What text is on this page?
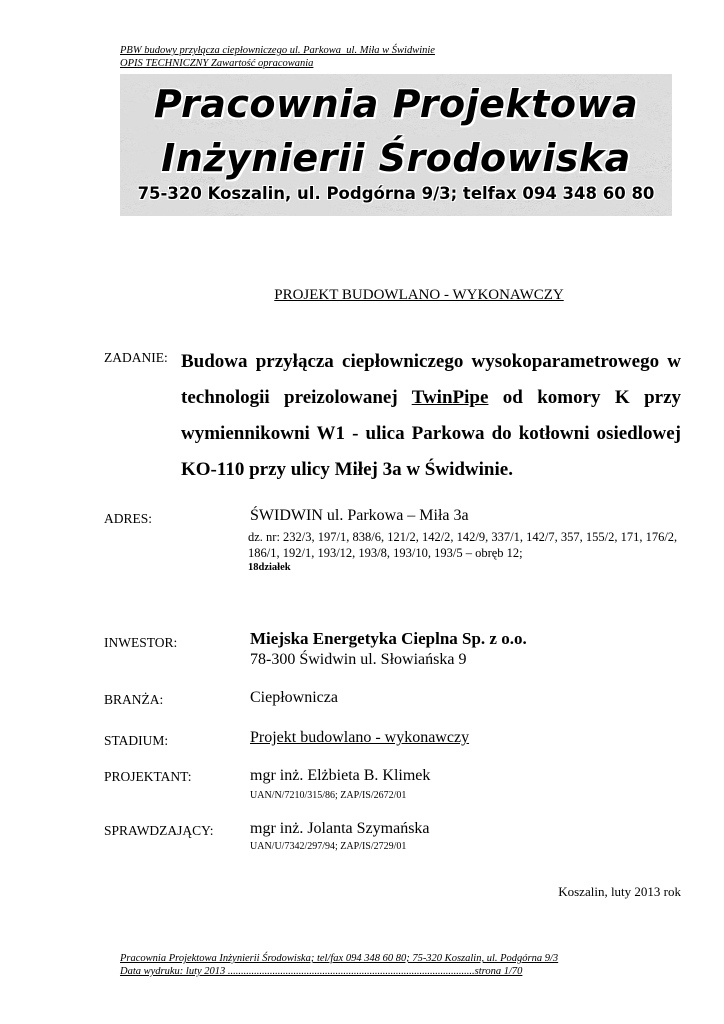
PBW budowy przyłącza ciepłowniczego ul. Parkowa_ul. Miła w Świdwinie
OPIS TECHNICZNY Zawartość opracowania
Pracownia Projektowa
Inżynierii Środowiska
75-320 Koszalin, ul. Podgórna 9/3; telfax 094 348 60 80
PROJEKT BUDOWLANO - WYKONAWCZY
ZADANIE: Budowa przyłącza ciepłowniczego wysokoparametrowego w technologii preizolowanej TwinPipe od komory K przy wymiennikowni W1 - ulica Parkowa do kotłowni osiedlowej KO-110 przy ulicy Miłej 3a w Świdwinie.
ADRES:	ŚWIDWIN ul. Parkowa – Miła 3a
dz. nr: 232/3, 197/1, 838/6, 121/2, 142/2, 142/9, 337/1, 142/7, 357, 155/2, 171, 176/2, 186/1, 192/1, 193/12, 193/8, 193/10, 193/5 – obręb 12;
18działek
INWESTOR:	Miejska Energetyka Cieplna Sp. z o.o.
78-300 Świdwin ul. Słowiańska 9
BRANŻA:	Ciepłownicza
STADIUM:	Projekt budowlano - wykonawczy
PROJEKTANT:	mgr inż. Elżbieta B. Klimek
UAN/N/7210/315/86; ZAP/IS/2672/01
SPRAWDZAJĄCY: mgr inż. Jolanta Szymańska
UAN/U/7342/297/94; ZAP/IS/2729/01
Koszalin, luty 2013 rok
Pracownia Projektowa Inżynierii Środowiska; tel/fax 094 348 60 80; 75-320 Koszalin, ul. Podgórna 9/3
Data wydruku: luty 2013 ..............................................................................................strona 1/70
